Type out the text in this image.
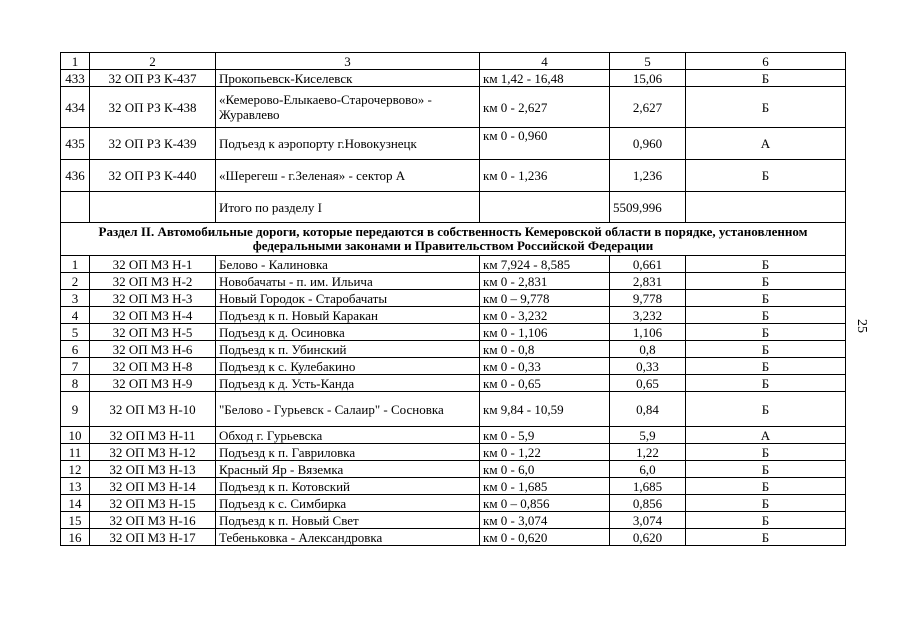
25
1	2	3	4	5	6
433	32 ОП РЗ К-437	Прокопьевск-Киселевск	км 1,42 - 16,48	15,06	Б
434	32 ОП РЗ К-438	«Кемерово-Елыкаево-Старочервово» - Журавлево	км 0 - 2,627	2,627	Б
435	32 ОП РЗ К-439	Подъезд к аэропорту г.Новокузнецк	км 0 - 0,960	0,960	А
436	32 ОП РЗ К-440	«Шерегеш - г.Зеленая» - сектор А	км 0 - 1,236	1,236	Б
		Итого по разделу I		5509,996	
Раздел II. Автомобильные дороги, которые передаются в собственность Кемеровской области в порядке, установленном федеральными законами и Правительством Российской Федерации					
1	32 ОП МЗ Н-1	Белово - Калиновка	км 7,924 - 8,585	0,661	Б
2	32 ОП МЗ Н-2	Новобачаты - п. им. Ильича	км 0 - 2,831	2,831	Б
3	32 ОП МЗ Н-3	Новый Городок - Старобачаты	км 0 – 9,778	9,778	Б
4	32 ОП МЗ Н-4	Подъезд к п. Новый Каракан	км 0 - 3,232	3,232	Б
5	32 ОП МЗ Н-5	Подъезд к д. Осиновка	км 0 - 1,106	1,106	Б
6	32 ОП МЗ Н-6	Подъезд к п. Убинский	км 0 - 0,8	0,8	Б
7	32 ОП МЗ Н-8	Подъезд к с. Кулебакино	км 0 - 0,33	0,33	Б
8	32 ОП МЗ Н-9	Подъезд к д. Усть-Канда	км 0 - 0,65	0,65	Б
9	32 ОП МЗ Н-10	"Белово - Гурьевск - Салаир" - Сосновка	км 9,84 - 10,59	0,84	Б
10	32 ОП МЗ Н-11	Обход г. Гурьевска	км 0 - 5,9	5,9	А
11	32 ОП МЗ Н-12	Подъезд к п. Гавриловка	км 0 - 1,22	1,22	Б
12	32 ОП МЗ Н-13	Красный Яр - Вяземка	км 0 - 6,0	6,0	Б
13	32 ОП МЗ Н-14	Подъезд к п. Котовский	км 0 - 1,685	1,685	Б
14	32 ОП МЗ Н-15	Подъезд к с. Симбирка	км 0 – 0,856	0,856	Б
15	32 ОП МЗ Н-16	Подъезд к п. Новый Свет	км 0 - 3,074	3,074	Б
16	32 ОП МЗ Н-17	Тебеньковка - Александровка	км 0 - 0,620	0,620	Б
